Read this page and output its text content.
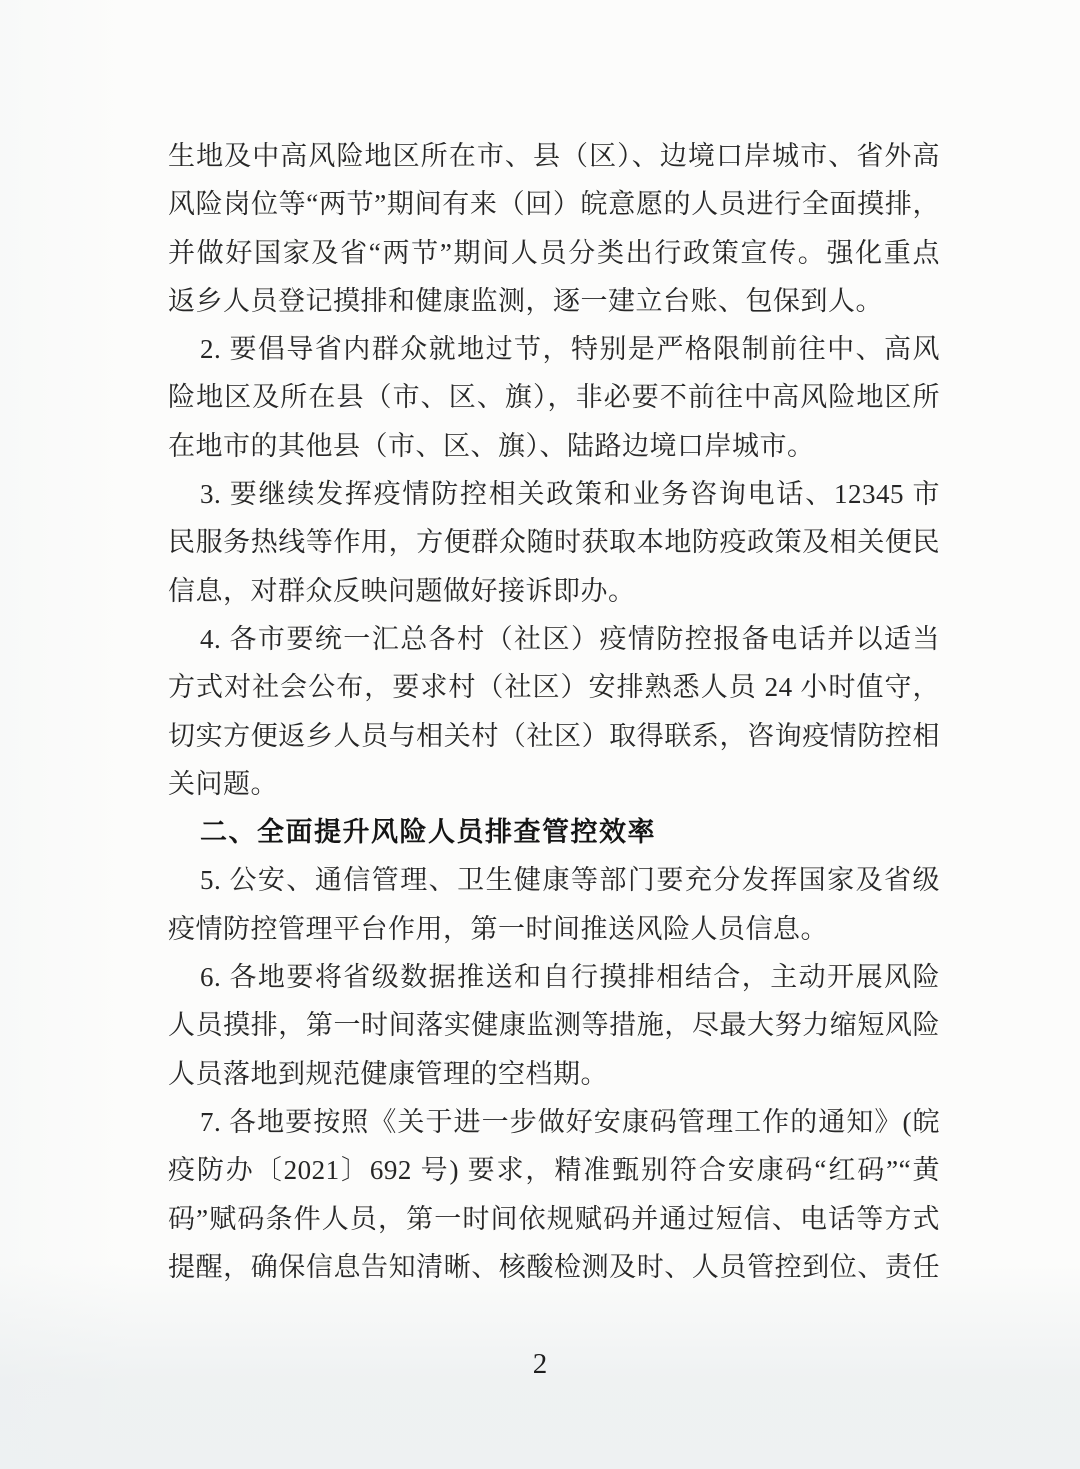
生地及中高风险地区所在市、县（区）、边境口岸城市、省外高
风险岗位等“两节”期间有来（回）皖意愿的人员进行全面摸排，
并做好国家及省“两节”期间人员分类出行政策宣传。强化重点
返乡人员登记摸排和健康监测，逐一建立台账、包保到人。
2. 要倡导省内群众就地过节，特别是严格限制前往中、高风
险地区及所在县（市、区、旗），非必要不前往中高风险地区所
在地市的其他县（市、区、旗）、陆路边境口岸城市。
3. 要继续发挥疫情防控相关政策和业务咨询电话、12345 市
民服务热线等作用，方便群众随时获取本地防疫政策及相关便民
信息，对群众反映问题做好接诉即办。
4. 各市要统一汇总各村（社区）疫情防控报备电话并以适当
方式对社会公布，要求村（社区）安排熟悉人员 24 小时值守，
切实方便返乡人员与相关村（社区）取得联系，咨询疫情防控相
关问题。
二、全面提升风险人员排查管控效率
5. 公安、通信管理、卫生健康等部门要充分发挥国家及省级
疫情防控管理平台作用，第一时间推送风险人员信息。
6. 各地要将省级数据推送和自行摸排相结合，主动开展风险
人员摸排，第一时间落实健康监测等措施，尽最大努力缩短风险
人员落地到规范健康管理的空档期。
7. 各地要按照《关于进一步做好安康码管理工作的通知》(皖
疫防办〔2021〕692 号) 要求，精准甄别符合安康码“红码”“黄
码”赋码条件人员，第一时间依规赋码并通过短信、电话等方式
提醒，确保信息告知清晰、核酸检测及时、人员管控到位、责任
2
